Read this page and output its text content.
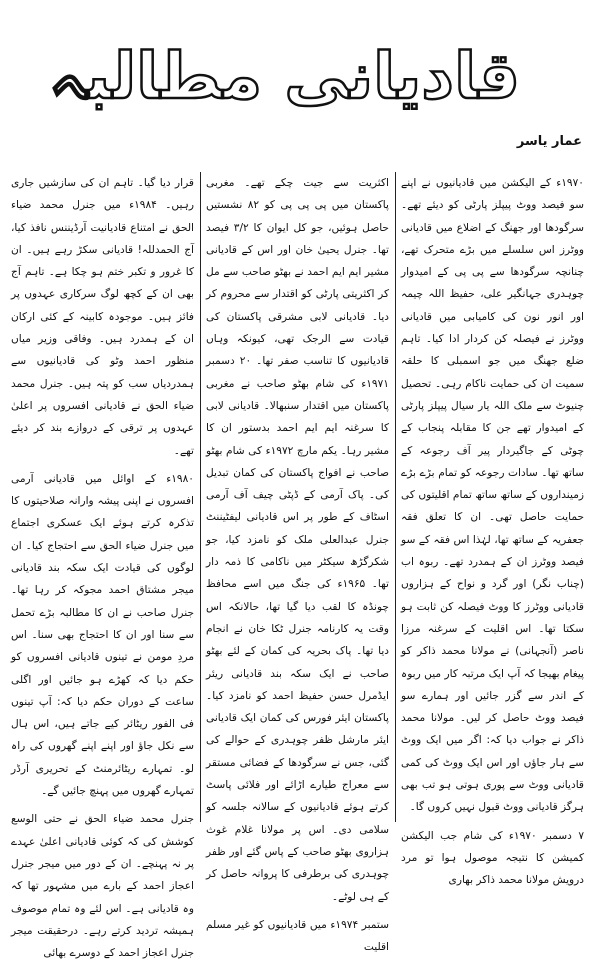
قادیانی مطالبہ
عمار یاسر

۱۹۷۰ء کے الیکشن میں قادیانیوں نے اپنے سو فیصد ووٹ پیپلز پارٹی کو دیئے تھے۔ سرگودھا اور جھنگ کے اضلاع میں قادیانی ووٹرز اس سلسلے میں بڑے متحرک تھے، چنانچہ سرگودھا سے پی پی کے امیدوار چوہدری جہانگیر علی، حفیظ اللہ چیمہ اور انور نون کی کامیابی میں قادیانی ووٹرز نے فیصلہ کن کردار ادا کیا۔ تاہم ضلع جھنگ میں جو اسمبلی کا حلقہ سمیت ان کی حمایت ناکام رہی۔ تحصیل چنیوٹ سے ملک اللہ یار سیال پیپلز پارٹی کے امیدوار تھے جن کا مقابلہ پنجاب کے چوٹی کے جاگیردار پیر آف رجوعہ کے ساتھ تھا۔ سادات رجوعہ کو تمام بڑے بڑے زمینداروں کے ساتھ ساتھ تمام اقلیتوں کی حمایت حاصل تھی۔ ان کا تعلق فقہ جعفریہ کے ساتھ تھا، لہٰذا اس فقہ کے سو فیصد ووٹرز ان کے ہمدرد تھے۔ ربوہ اب (چناب نگر) اور گرد و نواح کے ہزاروں قادیانی ووٹرز کا ووٹ فیصلہ کن ثابت ہو سکتا تھا۔ اس اقلیت کے سرغنہ مرزا ناصر (آنجہانی) نے مولانا محمد ذاکر کو پیغام بھیجا کہ آپ ایک مرتبہ کار میں ربوہ کے اندر سے گزر جائیں اور ہمارے سو فیصد ووٹ حاصل کر لیں۔ مولانا محمد ذاکر نے جواب دیا کہ: اگر میں ایک ووٹ سے ہار جاؤں اور اس ایک ووٹ کی کمی قادیانی ووٹ سے پوری ہوتی ہو تب بھی ہرگز قادیانی ووٹ قبول نہیں کروں گا۔

۷ دسمبر ۱۹۷۰ء کی شام جب الیکشن کمیشن کا نتیجہ موصول ہوا تو مرد درویش مولانا محمد ذاکر بھاری

اکثریت سے جیت چکے تھے۔ مغربی پاکستان میں پی پی پی کو ۸۲ نشستیں حاصل ہوئیں، جو کل ایوان کا ۳/۲ فیصد تھا۔ جنرل یحییٰ خان اور اس کے قادیانی مشیر ایم ایم احمد نے بھٹو صاحب سے مل کر اکثریتی پارٹی کو اقتدار سے محروم کر دیا۔ قادیانی لابی مشرقی پاکستان کی قیادت سے الرجک تھی، کیونکہ وہاں قادیانیوں کا تناسب صفر تھا۔ ۲۰ دسمبر ۱۹۷۱ء کی شام بھٹو صاحب نے مغربی پاکستان میں اقتدار سنبھالا۔ قادیانی لابی کا سرغنہ ایم ایم احمد بدستور ان کا مشیر رہا۔ یکم مارچ ۱۹۷۲ء کی شام بھٹو صاحب نے افواج پاکستان کی کمان تبدیل کی۔ پاک آرمی کے ڈپٹی چیف آف آرمی اسٹاف کے طور پر اس قادیانی لیفٹیننٹ جنرل عبدالعلی ملک کو نامزد کیا، جو شکرگڑھ سیکٹر میں ناکامی کا ذمہ دار تھا۔ ۱۹۶۵ء کی جنگ میں اسے محافظ چونڈہ کا لقب دیا گیا تھا، حالانکہ اس وقت یہ کارنامہ جنرل ٹکا خان نے انجام دیا تھا۔ پاک بحریہ کی کمان کے لئے بھٹو صاحب نے ایک سکہ بند قادیانی ریئر ایڈمرل حسن حفیظ احمد کو نامزد کیا۔ پاکستان ایئر فورس کی کمان ایک قادیانی ایئر مارشل ظفر چوہدری کے حوالے کی گئی، جس نے سرگودھا کے فضائی مستقر سے معراج طیارے اڑائے اور فلائی پاسٹ کرتے ہوئے قادیانیوں کے سالانہ جلسہ کو سلامی دی۔ اس پر مولانا غلام غوث ہزاروی بھٹو صاحب کے پاس گئے اور ظفر چوہدری کی برطرفی کا پروانہ حاصل کر کے ہی لوٹے۔

ستمبر ۱۹۷۴ء میں قادیانیوں کو غیر مسلم اقلیت

قرار دیا گیا۔ تاہم ان کی سازشیں جاری رہیں۔ ۱۹۸۴ء میں جنرل محمد ضیاء الحق نے امتناع قادیانیت آرڈیننس نافذ کیا، آج الحمدللہ! قادیانی سکڑ رہے ہیں۔ ان کا غرور و تکبر ختم ہو چکا ہے۔ تاہم آج بھی ان کے کچھ لوگ سرکاری عہدوں پر فائز ہیں۔ موجودہ کابینہ کے کئی ارکان ان کے ہمدرد ہیں۔ وفاقی وزیر میاں منظور احمد وٹو کی قادیانیوں سے ہمدردیاں سب کو پتہ ہیں۔ جنرل محمد ضیاء الحق نے قادیانی افسروں پر اعلیٰ عہدوں پر ترقی کے دروازے بند کر دیئے تھے۔

۱۹۸۰ء کے اوائل میں قادیانی آرمی افسروں نے اپنی پیشہ وارانہ صلاحیتوں کا تذکرہ کرتے ہوئے ایک عسکری اجتماع میں جنرل ضیاء الحق سے احتجاج کیا۔ ان لوگوں کی قیادت ایک سکہ بند قادیانی میجر مشتاق احمد مجوکہ کر رہا تھا۔ جنرل صاحب نے ان کا مطالبہ بڑے تحمل سے سنا اور ان کا احتجاج بھی سنا۔ اس مردِ مومن نے تینوں قادیانی افسروں کو حکم دیا کہ کھڑے ہو جائیں اور اگلی ساعت کے دوران حکم دیا کہ: آپ تینوں فی الفور ریٹائر کیے جاتے ہیں، اس ہال سے نکل جاؤ اور اپنے اپنے گھروں کی راہ لو۔ تمہارے ریٹائرمنٹ کے تحریری آرڈر تمہارے گھروں میں پہنچ جائیں گے۔

جنرل محمد ضیاء الحق نے حتی الوسع کوشش کی کہ کوئی قادیانی اعلیٰ عہدے پر نہ پہنچے۔ ان کے دور میں میجر جنرل اعجاز احمد کے بارے میں مشہور تھا کہ وہ قادیانی ہے۔ اس لئے وہ تمام موصوف ہمیشہ تردید کرتے رہے۔ درحقیقت میجر جنرل اعجاز احمد کے دوسرے بھائی
